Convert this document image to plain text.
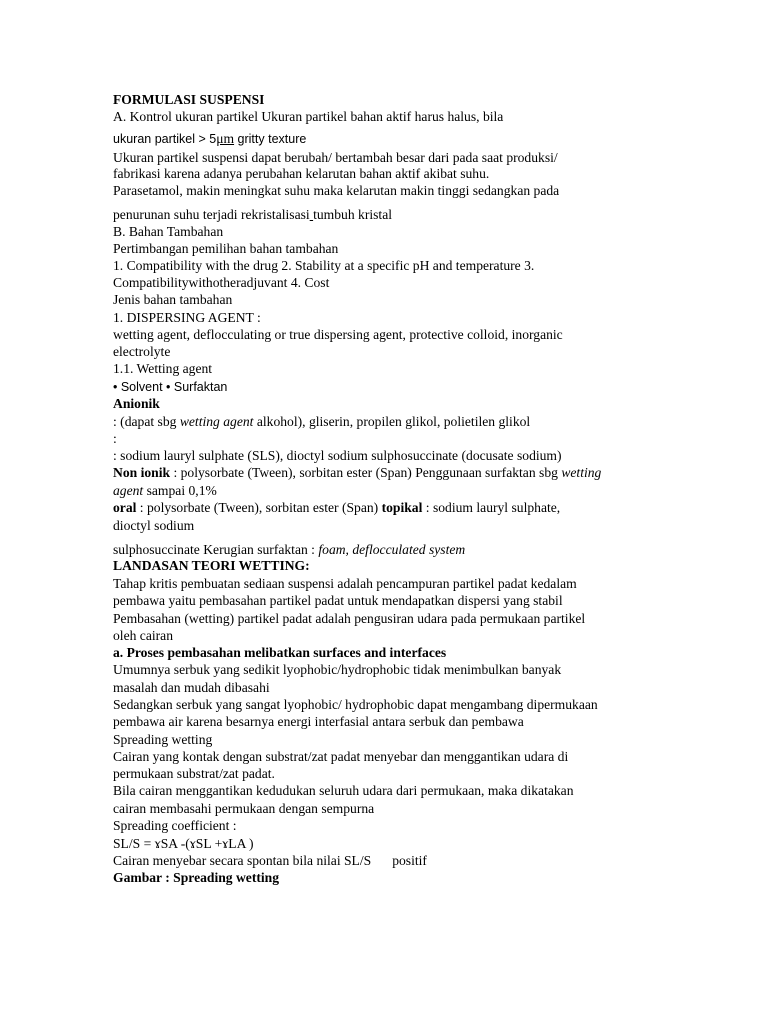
FORMULASI SUSPENSI

A. Kontrol ukuran partikel Ukuran partikel bahan aktif harus halus, bila

ukuran partikel > 5μm gritty texture

Ukuran partikel suspensi dapat berubah/ bertambah besar dari pada saat produksi/

fabrikasi karena adanya perubahan kelarutan bahan aktif akibat suhu.

Parasetamol, makin meningkat suhu maka kelarutan makin tinggi sedangkan pada

penurunan suhu terjadi rekristalisasi tumbuh kristal

B. Bahan Tambahan

Pertimbangan pemilihan bahan tambahan

1. Compatibility with the drug 2. Stability at a specific pH and temperature 3.

Compatibilitywithotheradjuvant 4. Cost

Jenis bahan tambahan

1. DISPERSING AGENT :

wetting agent, deflocculating or true dispersing agent, protective colloid, inorganic

electrolyte

1.1. Wetting agent

• Solvent • Surfaktan

Anionik

: (dapat sbg wetting agent alkohol), gliserin, propilen glikol, polietilen glikol

:

: sodium lauryl sulphate (SLS), dioctyl sodium sulphosuccinate (docusate sodium)

Non ionik : polysorbate (Tween), sorbitan ester (Span) Penggunaan surfaktan sbg wetting

agent sampai 0,1%

oral : polysorbate (Tween), sorbitan ester (Span) topikal : sodium lauryl sulphate,

dioctyl sodium

sulphosuccinate Kerugian surfaktan : foam, deflocculated system

LANDASAN TEORI WETTING:

Tahap kritis pembuatan sediaan suspensi adalah pencampuran partikel padat kedalam

pembawa yaitu pembasahan partikel padat untuk mendapatkan dispersi yang stabil

Pembasahan (wetting) partikel padat adalah pengusiran udara pada permukaan partikel

oleh cairan

a. Proses pembasahan melibatkan surfaces and interfaces

Umumnya serbuk yang sedikit lyophobic/hydrophobic tidak menimbulkan banyak

masalah dan mudah dibasahi

Sedangkan serbuk yang sangat lyophobic/ hydrophobic dapat mengambang dipermukaan

pembawa air karena besarnya energi interfasial antara serbuk dan pembawa

Spreading wetting

Cairan yang kontak dengan substrat/zat padat menyebar dan menggantikan udara di

permukaan substrat/zat padat.

Bila cairan menggantikan kedudukan seluruh udara dari permukaan, maka dikatakan

cairan membasahi permukaan dengan sempurna

Spreading coefficient :

SL/S = ɤSA -(ɤSL +ɤLA )

Cairan menyebar secara spontan bila nilai SL/S positif

Gambar : Spreading wetting
